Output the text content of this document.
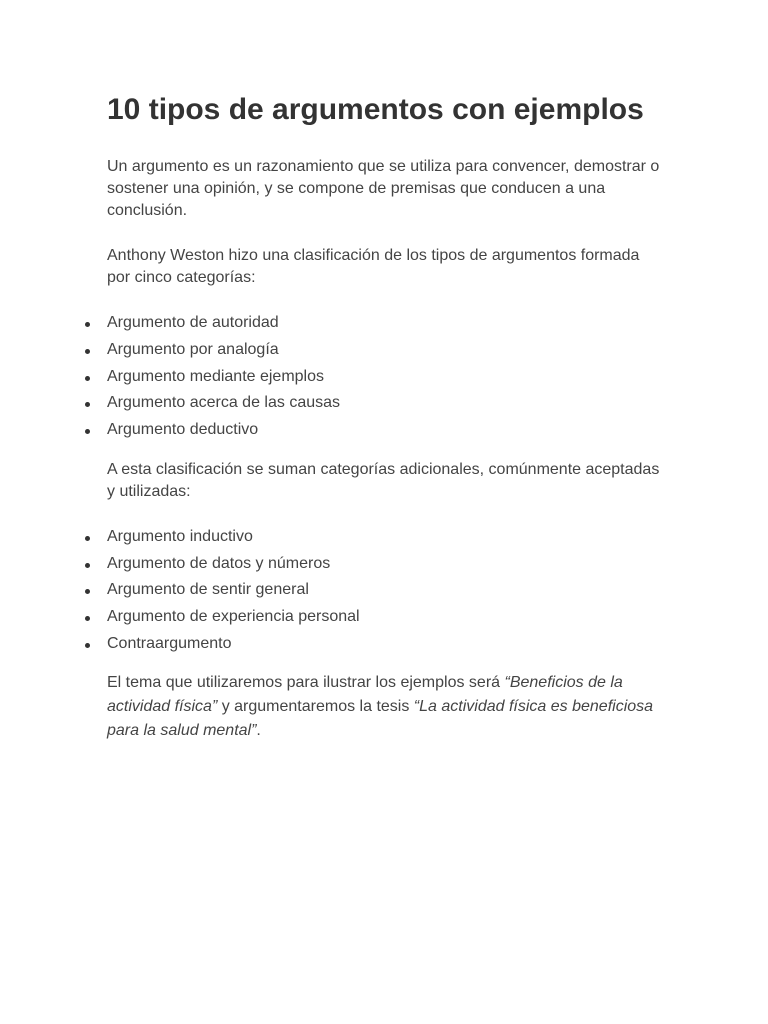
10 tipos de argumentos con ejemplos

Un argumento es un razonamiento que se utiliza para convencer, demostrar o
sostener una opinión, y se compone de premisas que conducen a una
conclusión.

Anthony Weston hizo una clasificación de los tipos de argumentos formada
por cinco categorías:

Argumento de autoridad
Argumento por analogía
Argumento mediante ejemplos
Argumento acerca de las causas
Argumento deductivo

A esta clasificación se suman categorías adicionales, comúnmente aceptadas
y utilizadas:

Argumento inductivo
Argumento de datos y números
Argumento de sentir general
Argumento de experiencia personal
Contraargumento

El tema que utilizaremos para ilustrar los ejemplos será “Beneficios de la
actividad física” y argumentaremos la tesis “La actividad física es beneficiosa
para la salud mental”.
